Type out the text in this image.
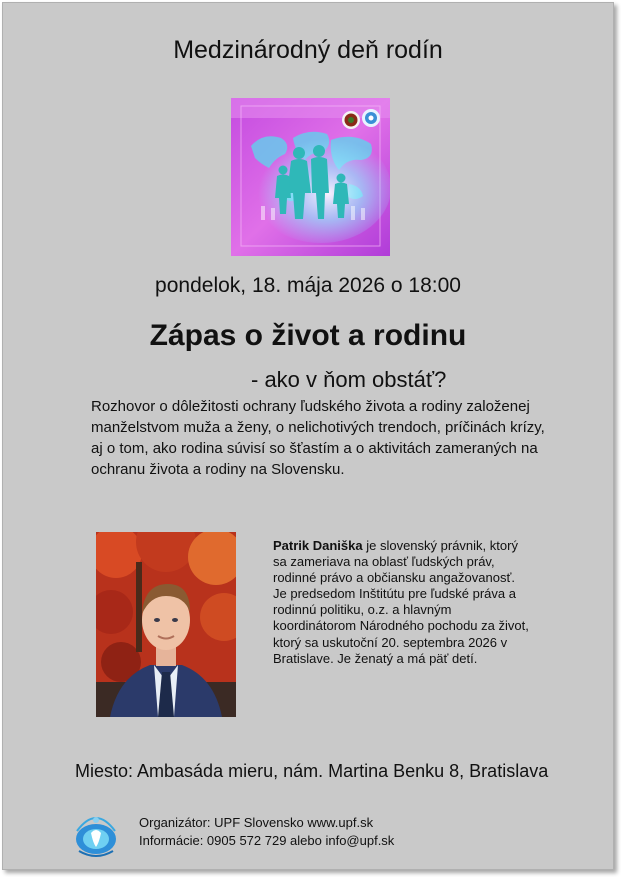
Medzinárodný deň rodín
pondelok, 18. mája 2026 o 18:00
Zápas o život a rodinu
- ako v ňom obstáť?
Rozhovor o dôležitosti ochrany ľudského života a rodiny založenej manželstvom muža a ženy, o nelichotivých trendoch, príčinách krízy, aj o tom, ako rodina súvisí so šťastím a o aktivitách zameraných na ochranu života a rodiny na Slovensku.
Patrik Daniška je slovenský právnik, ktorý sa zameriava na oblasť ľudských práv, rodinné právo a občiansku angažovanosť. Je predsedom Inštitútu pre ľudské práva a rodinnú politiku, o.z. a hlavným koordinátorom Národného pochodu za život, ktorý sa uskutoční 20. septembra 2026 v Bratislave. Je ženatý a má päť detí.
Miesto: Ambasáda mieru, nám. Martina Benku 8, Bratislava
Organizátor: UPF Slovensko www.upf.sk
Informácie: 0905 572 729 alebo info@upf.sk
